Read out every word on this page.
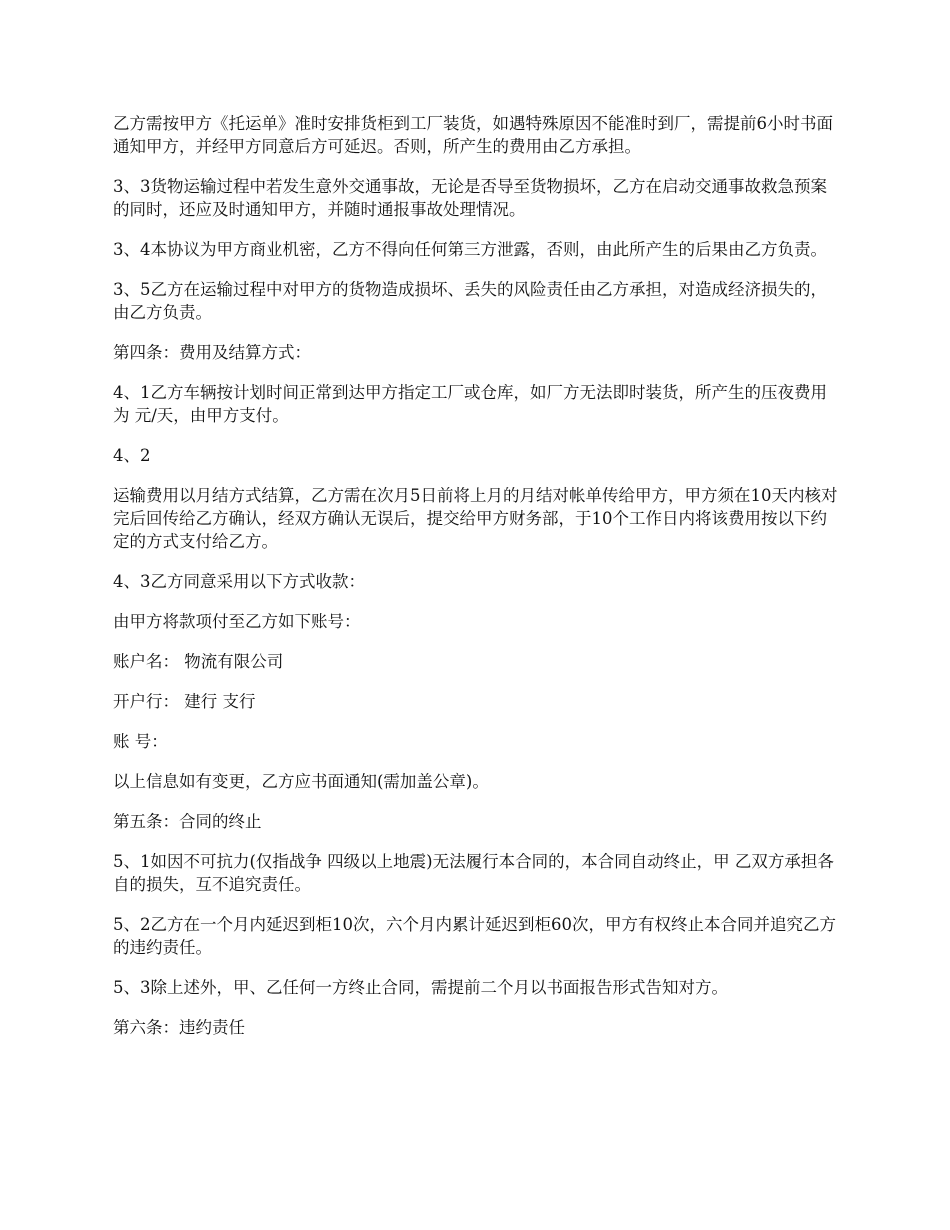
乙方需按甲方《托运单》准时安排货柜到工厂装货，如遇特殊原因不能准时到厂，需提前6小时书面通知甲方，并经甲方同意后方可延迟。否则，所产生的费用由乙方承担。

3、3货物运输过程中若发生意外交通事故，无论是否导至货物损坏，乙方在启动交通事故救急预案的同时，还应及时通知甲方，并随时通报事故处理情况。

3、4本协议为甲方商业机密，乙方不得向任何第三方泄露，否则，由此所产生的后果由乙方负责。

3、5乙方在运输过程中对甲方的货物造成损坏、丢失的风险责任由乙方承担，对造成经济损失的，由乙方负责。

第四条：费用及结算方式：

4、1乙方车辆按计划时间正常到达甲方指定工厂或仓库，如厂方无法即时装货，所产生的压夜费用为 元/天，由甲方支付。

4、2

运输费用以月结方式结算，乙方需在次月5日前将上月的月结对帐单传给甲方，甲方须在10天内核对完后回传给乙方确认，经双方确认无误后，提交给甲方财务部，于10个工作日内将该费用按以下约定的方式支付给乙方。

4、3乙方同意采用以下方式收款：

由甲方将款项付至乙方如下账号：

账户名： 物流有限公司

开户行： 建行 支行

账 号：

以上信息如有变更，乙方应书面通知(需加盖公章)。

第五条：合同的终止

5、1如因不可抗力(仅指战争 四级以上地震)无法履行本合同的，本合同自动终止，甲 乙双方承担各自的损失，互不追究责任。

5、2乙方在一个月内延迟到柜10次，六个月内累计延迟到柜60次，甲方有权终止本合同并追究乙方的违约责任。

5、3除上述外，甲、乙任何一方终止合同，需提前二个月以书面报告形式告知对方。

第六条：违约责任
